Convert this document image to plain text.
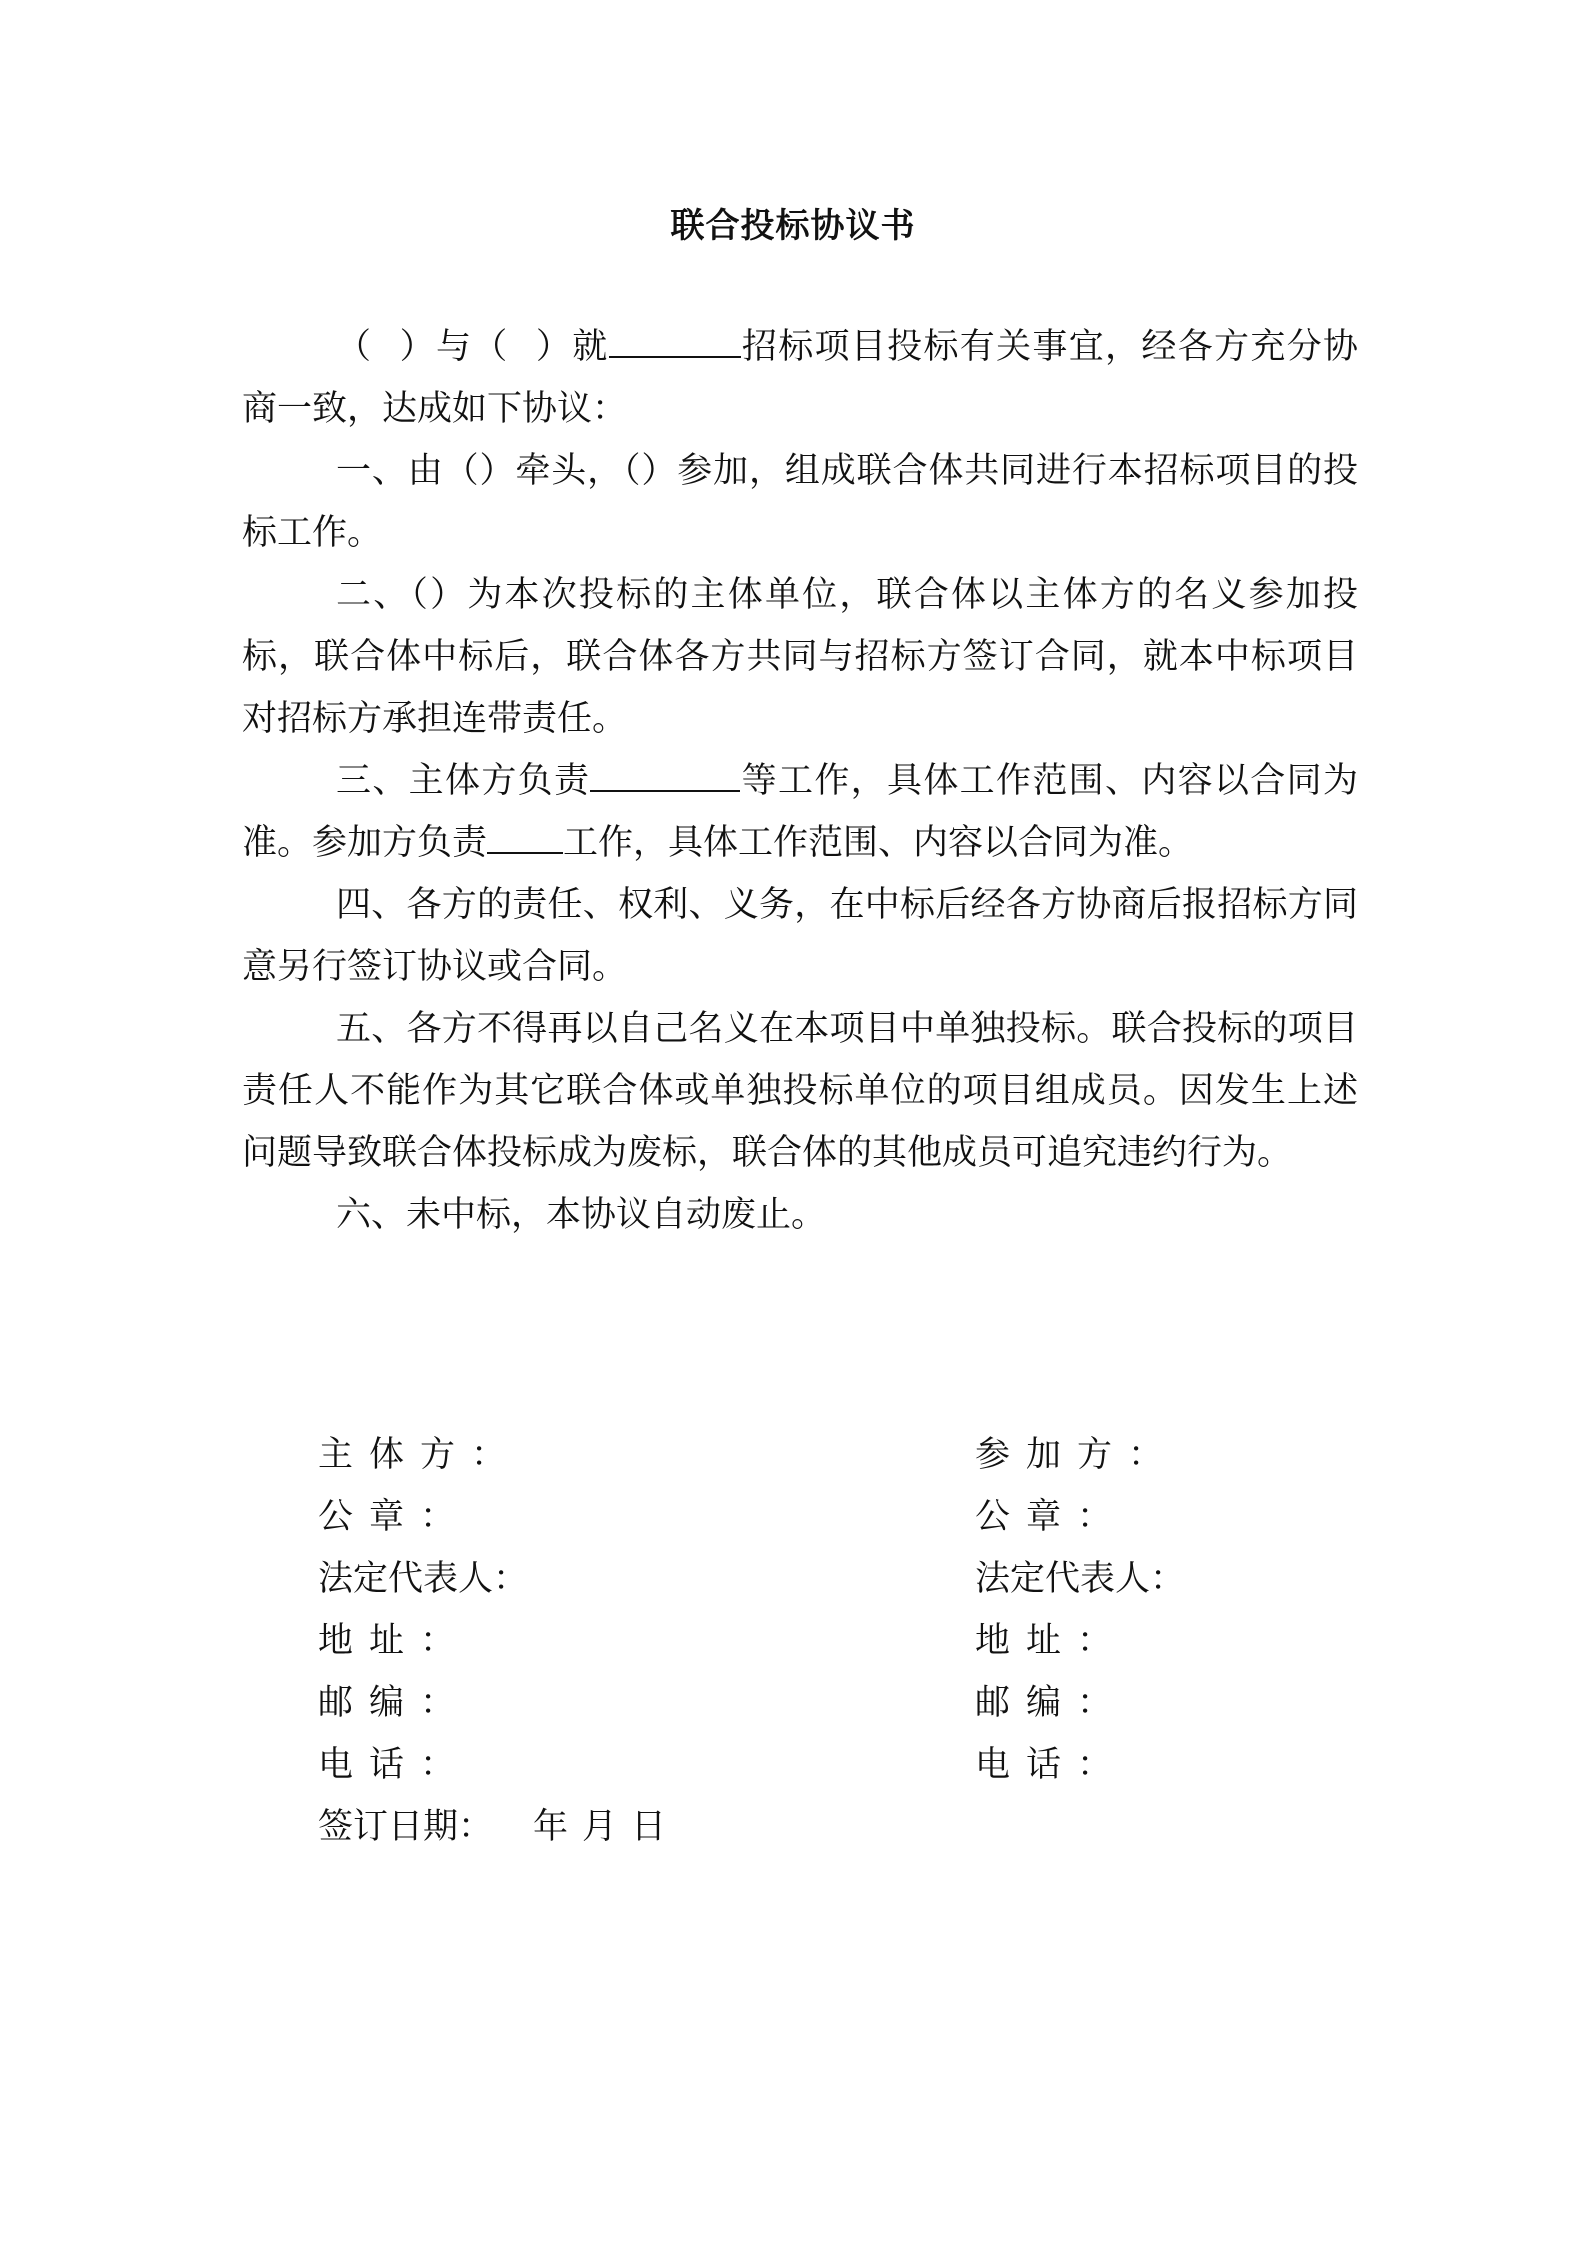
联合投标协议书

（ ）与（ ）就	招标项目投标有关事宜，经各方充分协商一致，达成如下协议：

一、由（）牵头，（）参加，组成联合体共同进行本招标项目的投标工作。

二、（）为本次投标的主体单位，联合体以主体方的名义参加投标，联合体中标后，联合体各方共同与招标方签订合同，就本中标项目对招标方承担连带责任。

三、主体方负责	等工作，具体工作范围、内容以合同为准。参加方负责 工作，具体工作范围、内容以合同为准。

四、各方的责任、权利、义务，在中标后经各方协商后报招标方同意另行签订协议或合同。

五、各方不得再以自己名义在本项目中单独投标。联合投标的项目责任人不能作为其它联合体或单独投标单位的项目组成员。因发生上述问题导致联合体投标成为废标，联合体的其他成员可追究违约行为。

六、未中标，本协议自动废止。

主体方：
公章：
法定代表人：
地址：
邮编：
电话：
签订日期： 年 月 日
参加方：
公章：
法定代表人：
地址：
邮编：
电话：
